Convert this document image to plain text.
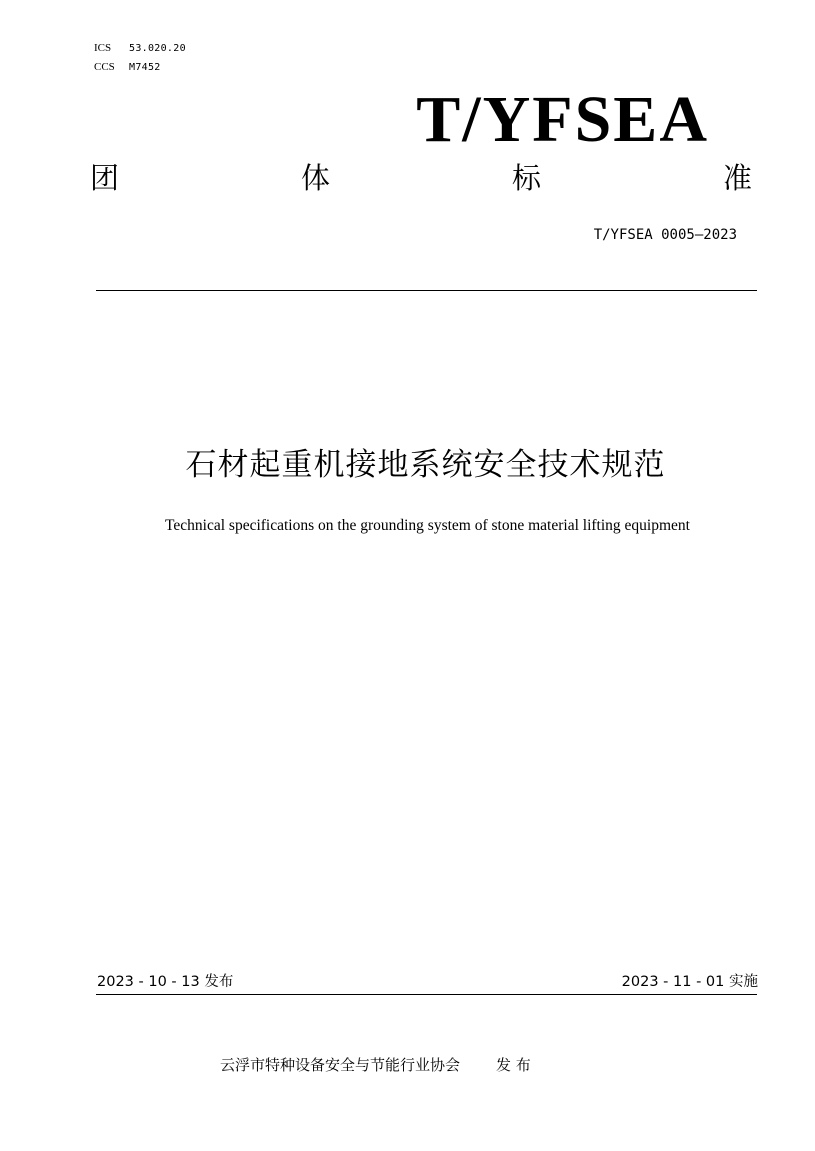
ICS	53.020.20
CCS	M7452
T/YFSEA
团	体	标	准
T/YFSEA 0005—2023
石材起重机接地系统安全技术规范
Technical specifications on the grounding system of stone material lifting equipment
2023 - 10 - 13 发布	2023 - 11 - 01 实施
云浮市特种设备安全与节能行业协会 发 布
